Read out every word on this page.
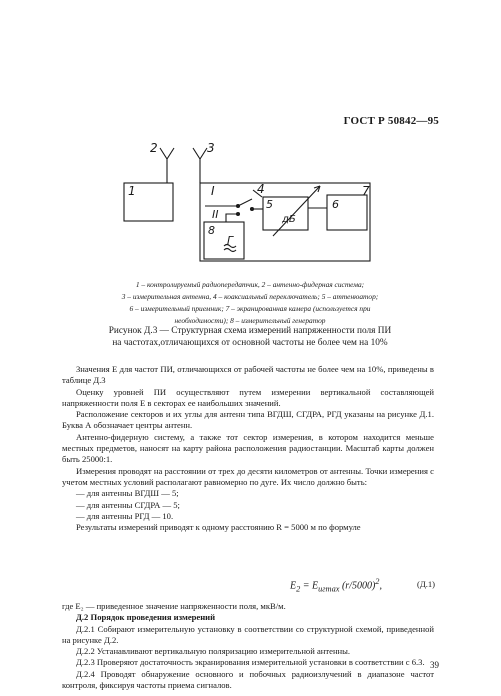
ГОСТ Р 50842—95
2	3
1	I	4	7
5
дБ
6
II
8
Г
1 – контролируемый радиопередатчик, 2 – антенно-фидерная система;
3 – измерительная антенна, 4 – коаксиальный переключатель; 5 – аттенюатор;
6 – измерительный приемник; 7 – экранированная камера (используется при
необходимости); 8 – измерительный генератор
Рисунок Д.3 — Структурная схема измерений напряженности поля ПИ
на частотах,отличающихся от основной частоты не более чем на 10%

Значения E для частот ПИ, отличающихся от рабочей частоты не более чем на 10%, приведены в таблице Д.3

Оценку уровней ПИ осуществляют путем измерении вертикальной составляющей напряженности поля E в секторах ее наибольших значений.

Расположение секторов и их углы для антенн типа ВГДШ, СГДРА, РГД указаны на рисунке Д.1. Буква А обозначает центры антенн.

Антенно-фидерную систему, а также тот сектор измерения, в котором находится меньше местных предметов, наносят на карту района расположения радиостанции. Масштаб карты должен быть 25000:1.

Измерения проводят на расстоянии от трех до десяти километров от антенны. Точки измерения с учетом местных условий располагают равномерно по дуге. Их число должно быть:

— для антенны ВГДШ — 5;

— для антенны СГДРА — 5;

— для антенны РГД — 10.

Результаты измерений приводят к одному расстоянию R = 5000 м по формуле

$E_2 = E_{игmax}$ $(r/5000)^2$,	(Д.1)

где E₂ — приведенное значение напряженности поля, мкВ/м.

Д.2 Порядок проведения измерений

Д.2.1 Собирают измерительную установку в соответствии со структурной схемой, приведенной на рисунке Д.2.

Д.2.2 Устанавливают вертикальную поляризацию измерительной антенны.

Д.2.3 Проверяют достаточность экранирования измерительной установки в соответствии с 6.3.

Д.2.4 Проводят обнаружение основного и побочных радиоизлучений в диапазоне частот контроля, фиксируя частоты приема сигналов.

39
